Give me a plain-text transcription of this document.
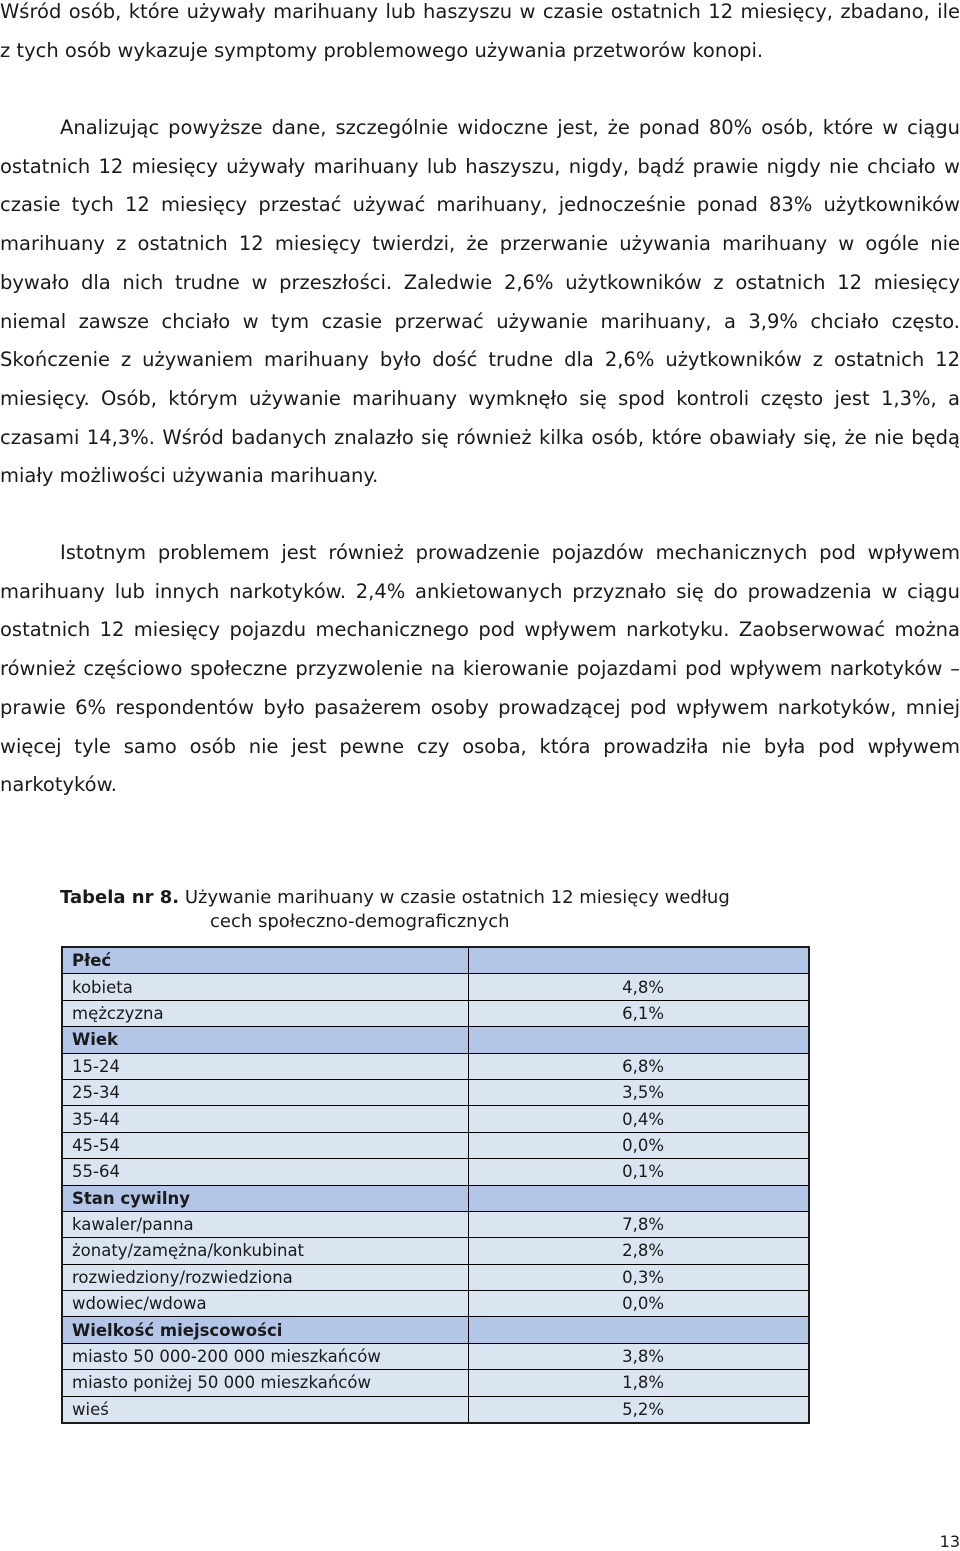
Wśród osób, które używały marihuany lub haszyszu w czasie ostatnich 12 miesięcy, zbadano, ile z tych osób wykazuje symptomy problemowego używania przetworów konopi.

Analizując powyższe dane, szczególnie widoczne jest, że ponad 80% osób, które w ciągu ostatnich 12 miesięcy używały marihuany lub haszyszu, nigdy, bądź prawie nigdy nie chciało w czasie tych 12 miesięcy przestać używać marihuany, jednocześnie ponad 83% użytkowników marihuany z ostatnich 12 miesięcy twierdzi, że przerwanie używania marihuany w ogóle nie bywało dla nich trudne w przeszłości. Zaledwie 2,6% użytkowników z ostatnich 12 miesięcy niemal zawsze chciało w tym czasie przerwać używanie marihuany, a 3,9% chciało często. Skończenie z używaniem marihuany było dość trudne dla 2,6% użytkowników z ostatnich 12 miesięcy. Osób, którym używanie marihuany wymknęło się spod kontroli często jest 1,3%, a czasami 14,3%. Wśród badanych znalazło się również kilka osób, które obawiały się, że nie będą miały możliwości używania marihuany.

Istotnym problemem jest również prowadzenie pojazdów mechanicznych pod wpływem marihuany lub innych narkotyków. 2,4% ankietowanych przyznało się do prowadzenia w ciągu ostatnich 12 miesięcy pojazdu mechanicznego pod wpływem narkotyku. Zaobserwować można również częściowo społeczne przyzwolenie na kierowanie pojazdami pod wpływem narkotyków – prawie 6% respondentów było pasażerem osoby prowadzącej pod wpływem narkotyków, mniej więcej tyle samo osób nie jest pewne czy osoba, która prowadziła nie była pod wpływem narkotyków.

Tabela nr 8. Używanie marihuany w czasie ostatnich 12 miesięcy według
cech społeczno-demograficznych
Płeć	
kobieta	4,8%
mężczyzna	6,1%
Wiek	
15-24	6,8%
25-34	3,5%
35-44	0,4%
45-54	0,0%
55-64	0,1%
Stan cywilny	
kawaler/panna	7,8%
żonaty/zamężna/konkubinat	2,8%
rozwiedziony/rozwiedziona	0,3%
wdowiec/wdowa	0,0%
Wielkość miejscowości	
miasto 50 000-200 000 mieszkańców	3,8%
miasto poniżej 50 000 mieszkańców	1,8%
wieś	5,2%
13
